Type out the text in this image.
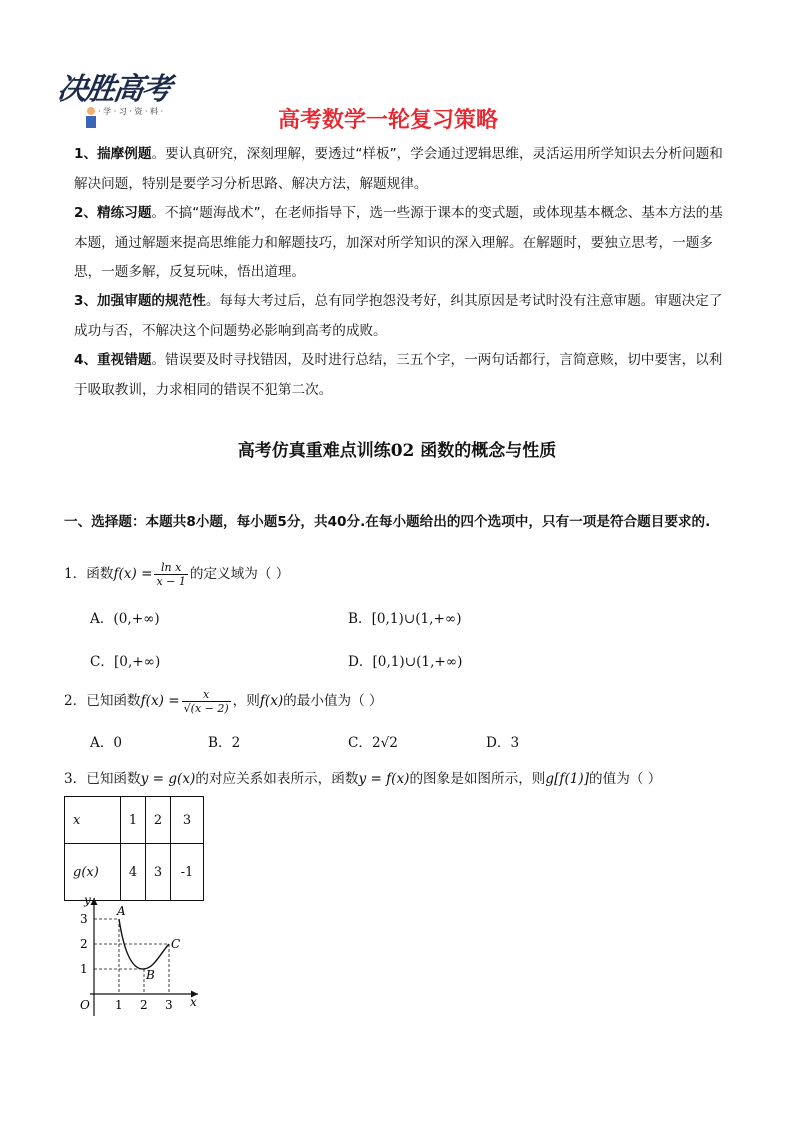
决胜高考
· 学 · 习 · 资 · 料 ·	高考数学一轮复习策略
1、揣摩例题。要认真研究，深刻理解，要透过“样板”，学会通过逻辑思维，灵活运用所学知识去分析问题和解决问题，特别是要学习分析思路、解决方法，解题规律。
2、精练习题。不搞“题海战术”，在老师指导下，选一些源于课本的变式题，或体现基本概念、基本方法的基本题，通过解题来提高思维能力和解题技巧，加深对所学知识的深入理解。在解题时，要独立思考，一题多思，一题多解，反复玩味，悟出道理。
3、加强审题的规范性。每每大考过后，总有同学抱怨没考好，纠其原因是考试时没有注意审题。审题决定了成功与否，不解决这个问题势必影响到高考的成败。
4、重视错题。错误要及时寻找错因，及时进行总结，三五个字，一两句话都行，言简意赅，切中要害，以利于吸取教训，力求相同的错误不犯第二次。
高考仿真重难点训练02 函数的概念与性质
一、选择题：本题共8小题，每小题5分，共40分.在每小题给出的四个选项中，只有一项是符合题目要求的.
1．函数$f(x) = \frac{\text{ln x}}{x - 1}$ 的定义域为（ ）
A．(0,+∞)	B．[0,1)∪(1,+∞)
C．[0,+∞)	D．[0,1)∪(1,+∞)
2．已知函数$f(x) = \frac{x}{√(x - 2)}$ ，则f(x)的最小值为（ ）
A．0	B．2	C．2√2	D．3
3．已知函数y = g(x)的对应关系如表所示，函数y = f(x)的图象是如图所示，则g[f(1)]的值为（ ）
x	1	2	3
g(x)	4	3	-1
3
2
1
1 2 3
O	x
y
A
B
C
